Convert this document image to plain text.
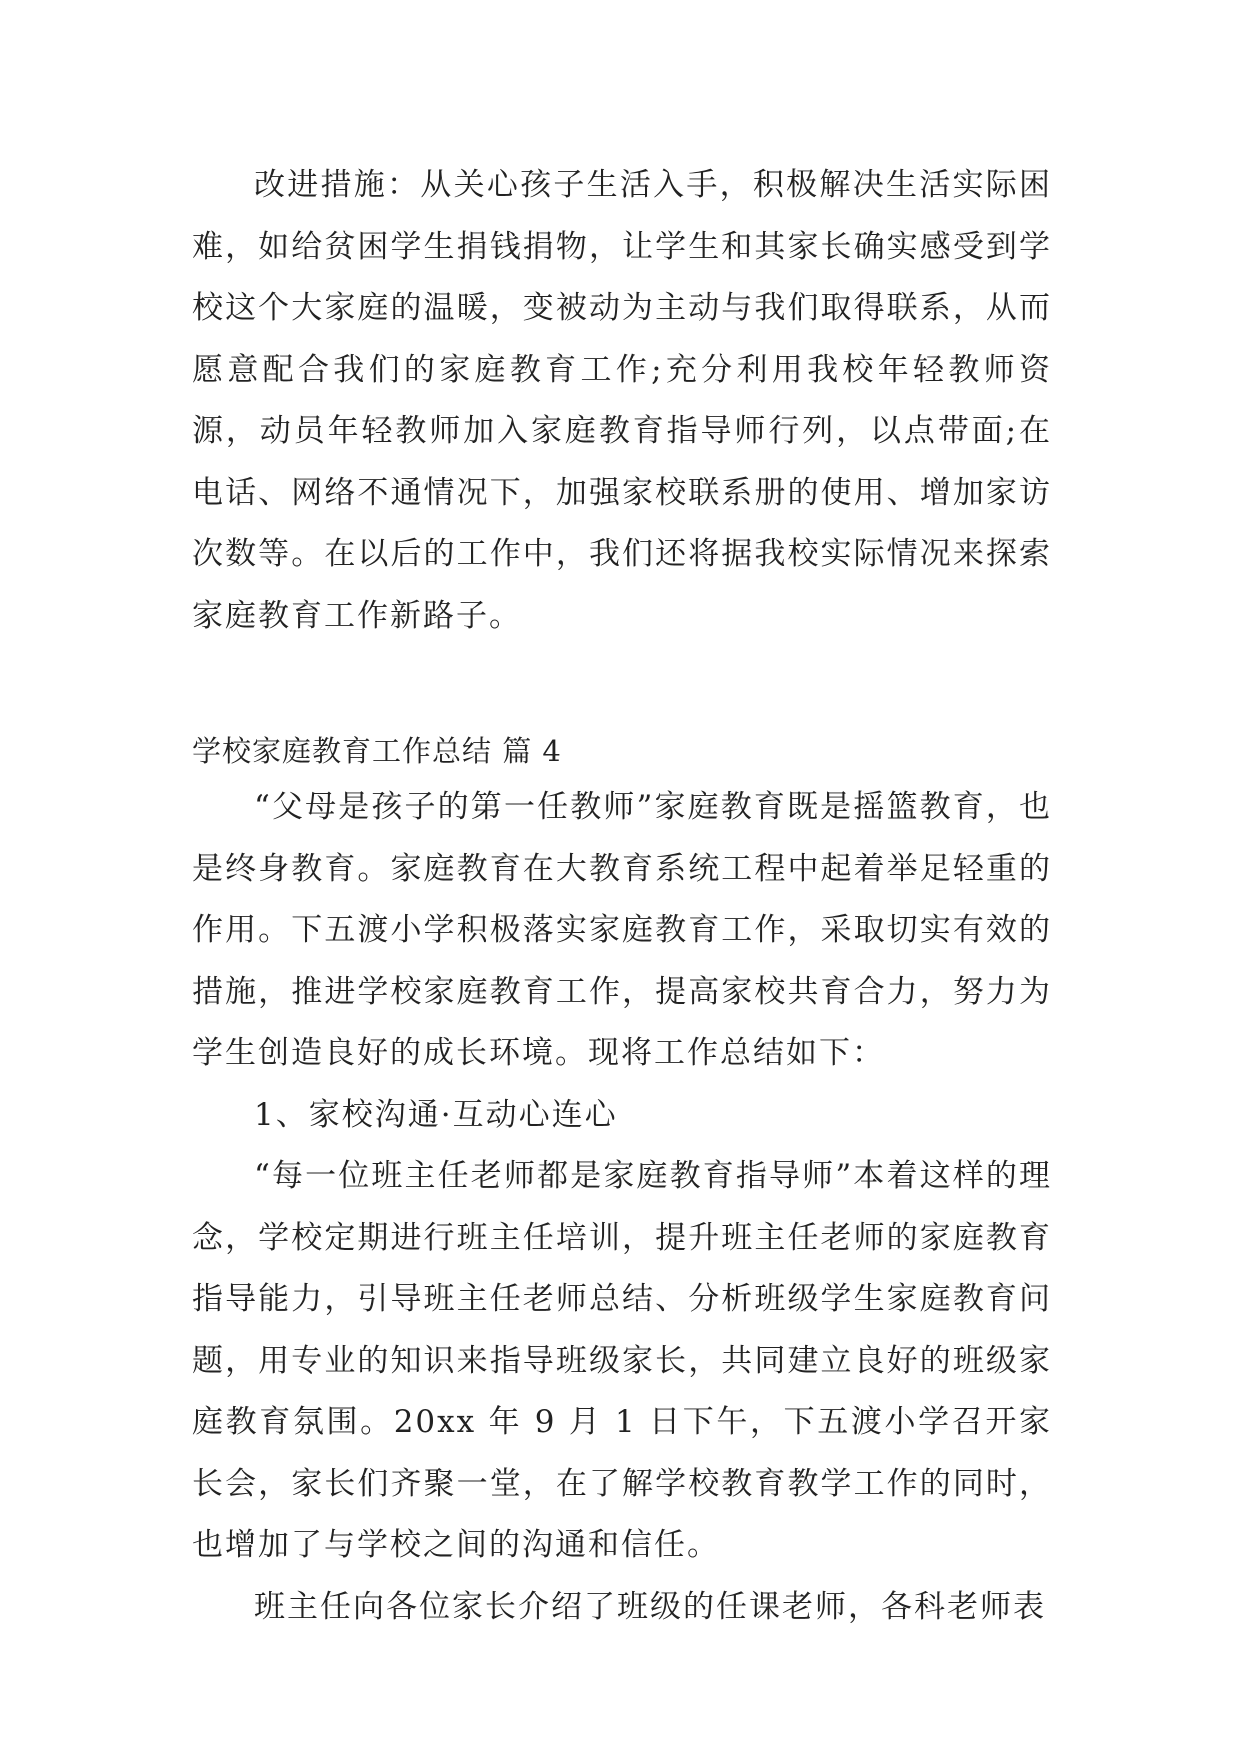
改进措施：从关心孩子生活入手，积极解决生活实际困难，如给贫困学生捐钱捐物，让学生和其家长确实感受到学校这个大家庭的温暖，变被动为主动与我们取得联系，从而愿意配合我们的家庭教育工作;充分利用我校年轻教师资源，动员年轻教师加入家庭教育指导师行列，以点带面;在电话、网络不通情况下，加强家校联系册的使用、增加家访次数等。在以后的工作中，我们还将据我校实际情况来探索家庭教育工作新路子。

学校家庭教育工作总结 篇 4

“父母是孩子的第一任教师”家庭教育既是摇篮教育，也是终身教育。家庭教育在大教育系统工程中起着举足轻重的作用。下五渡小学积极落实家庭教育工作，采取切实有效的措施，推进学校家庭教育工作，提高家校共育合力，努力为学生创造良好的成长环境。现将工作总结如下：

1、家校沟通·互动心连心

“每一位班主任老师都是家庭教育指导师”本着这样的理念，学校定期进行班主任培训，提升班主任老师的家庭教育指导能力，引导班主任老师总结、分析班级学生家庭教育问题，用专业的知识来指导班级家长，共同建立良好的班级家庭教育氛围。20xx 年 9 月 1 日下午，下五渡小学召开家长会，家长们齐聚一堂，在了解学校教育教学工作的同时，也增加了与学校之间的沟通和信任。

班主任向各位家长介绍了班级的任课老师，各科老师表
